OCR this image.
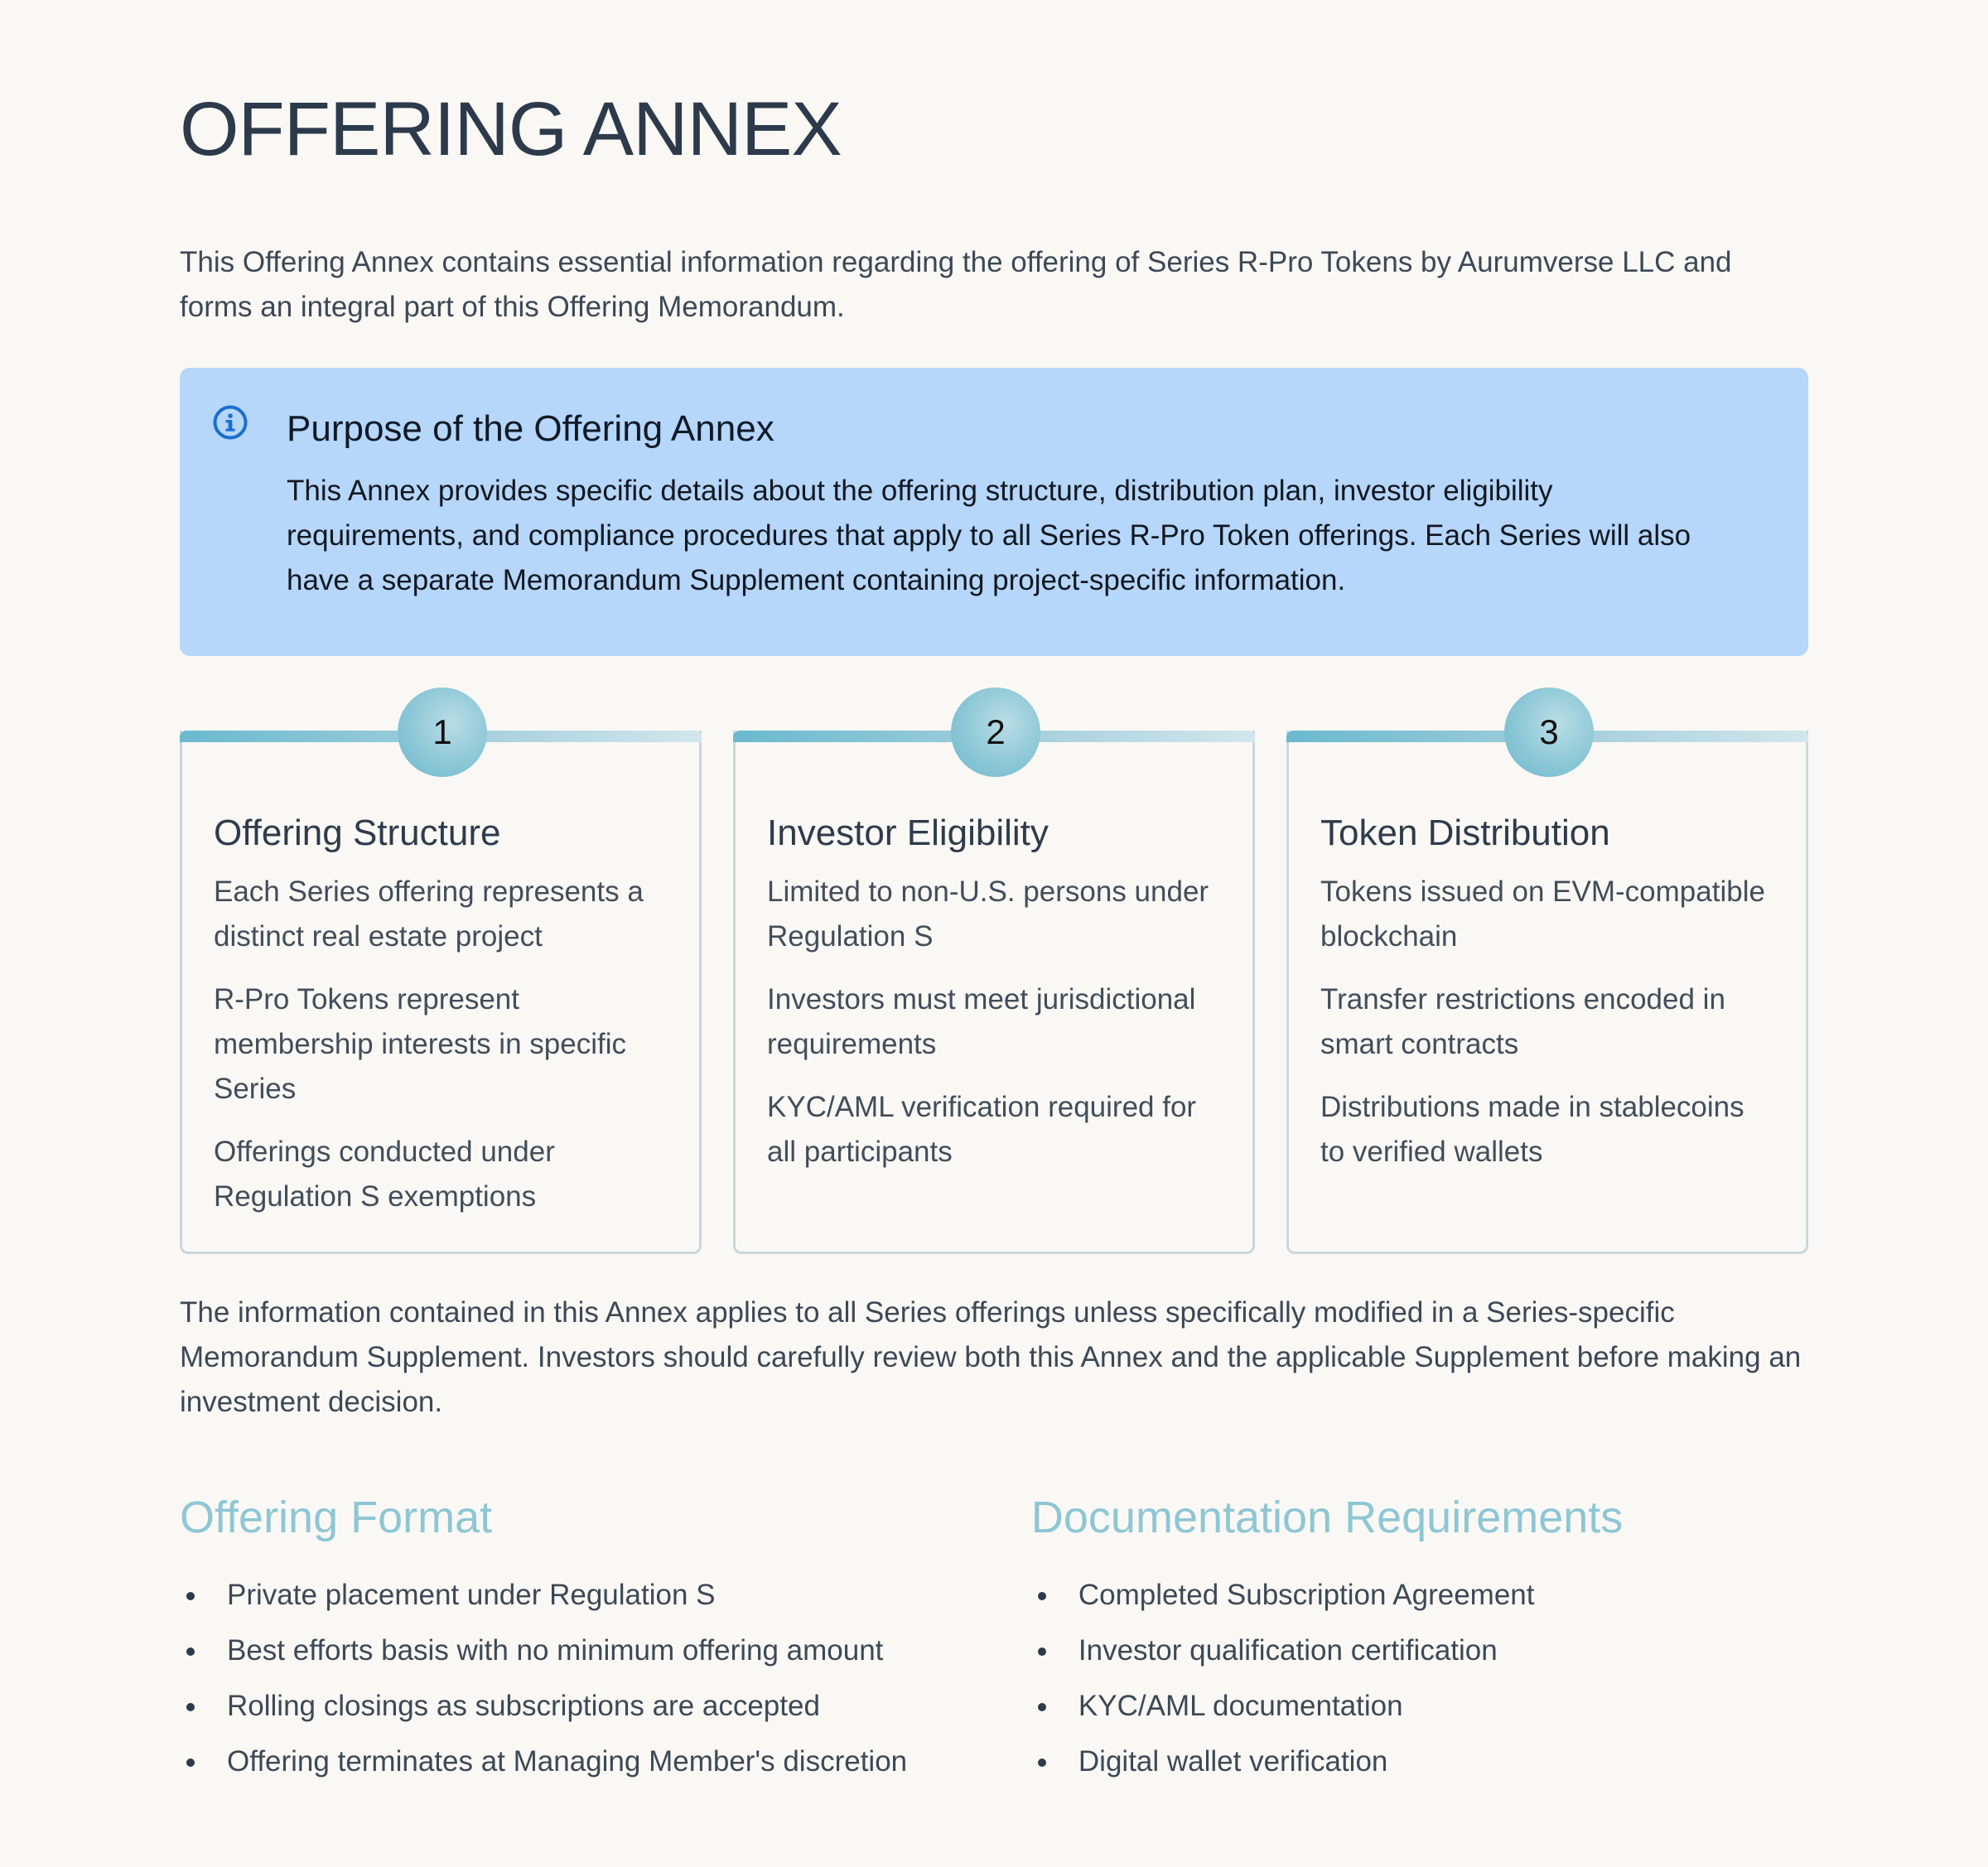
OFFERING ANNEX

This Offering Annex contains essential information regarding the offering of Series R-Pro Tokens by Aurumverse LLC and forms an integral part of this Offering Memorandum.

Purpose of the Offering Annex

This Annex provides specific details about the offering structure, distribution plan, investor eligibility requirements, and compliance procedures that apply to all Series R-Pro Token offerings. Each Series will also have a separate Memorandum Supplement containing project-specific information.

1
Offering Structure
Each Series offering represents a distinct real estate project
R-Pro Tokens represent membership interests in specific Series
Offerings conducted under Regulation S exemptions
2
Investor Eligibility
Limited to non-U.S. persons under Regulation S
Investors must meet jurisdictional requirements
KYC/AML verification required for all participants
3
Token Distribution
Tokens issued on EVM-compatible blockchain
Transfer restrictions encoded in smart contracts
Distributions made in stablecoins to verified wallets

The information contained in this Annex applies to all Series offerings unless specifically modified in a Series-specific Memorandum Supplement. Investors should carefully review both this Annex and the applicable Supplement before making an investment decision.

Offering Format
Private placement under Regulation S
Best efforts basis with no minimum offering amount
Rolling closings as subscriptions are accepted
Offering terminates at Managing Member's discretion
Documentation Requirements
Completed Subscription Agreement
Investor qualification certification
KYC/AML documentation
Digital wallet verification
